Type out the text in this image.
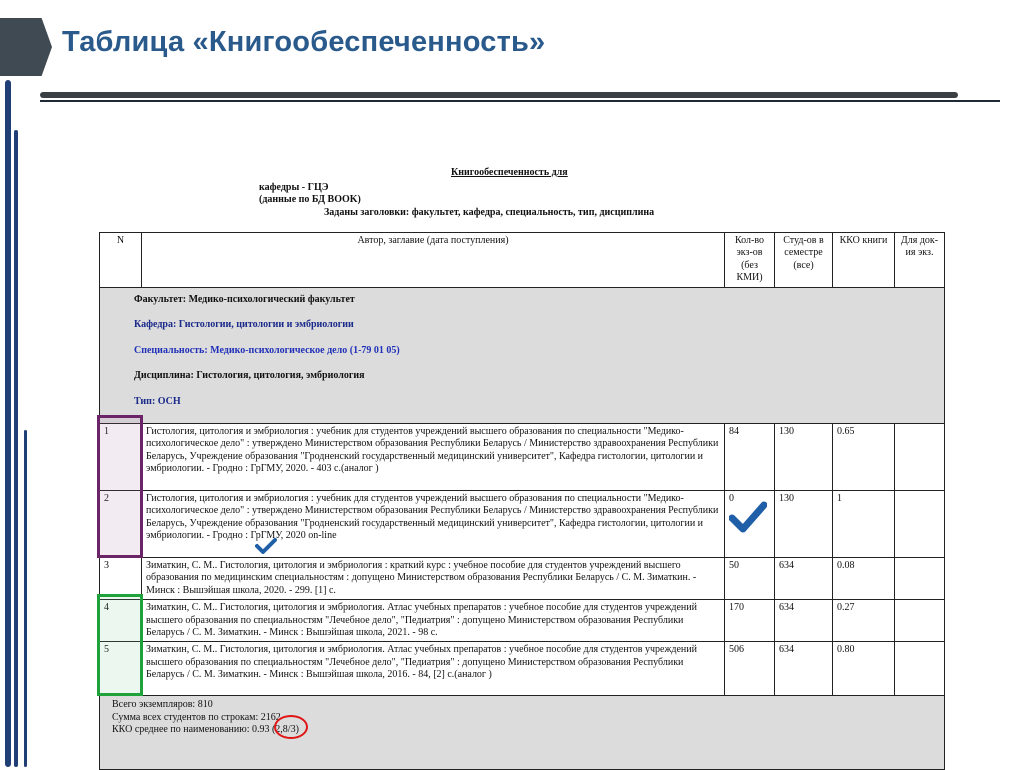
Таблица «Книгообеспеченность»
Книгообеспеченность для
кафедры - ГЦЭ
(данные по БД BOOK)
Заданы заголовки: факультет, кафедра, специальность, тип, дисциплина
N	Автор, заглавие (дата поступления)	Кол-во экз-ов (без КМИ)	Студ-ов в семестре (все)	ККО книги	Для док-ия экз.

Факультет: Медико-психологический факультет
Кафедра: Гистологии, цитологии и эмбриологии
Специальность: Медико-психологическое дело (1-79 01 05)
Дисциплина: Гистология, цитология, эмбриология
Тип: ОСН					

1	Гистология, цитология и эмбриология : учебник для студентов учреждений высшего образования по специальности "Медико-психологическое дело" : утверждено Министерством образования Республики Беларусь / Министерство здравоохранения Республики Беларусь, Учреждение образования "Гродненский государственный медицинский университет", Кафедра гистологии, цитологии и эмбриологии. - Гродно : ГрГМУ, 2020. - 403 с.(аналог )	84	130	0.65	
2	Гистология, цитология и эмбриология : учебник для студентов учреждений высшего образования по специальности "Медико-психологическое дело" : утверждено Министерством образования Республики Беларусь / Министерство здравоохранения Республики Беларусь, Учреждение образования "Гродненский государственный медицинский университет", Кафедра гистологии, цитологии и эмбриологии. - Гродно : ГрГМУ, 2020 on-line	0	130	1	
3	Зиматкин, С. М.. Гистология, цитология и эмбриология : краткий курс : учебное пособие для студентов учреждений высшего образования по медицинским специальностям : допущено Министерством образования Республики Беларусь / С. М. Зиматкин. - Минск : Вышэйшая школа, 2020. - 299. [1] с.	50	634	0.08	
4	Зиматкин, С. М.. Гистология, цитология и эмбриология. Атлас учебных препаратов : учебное пособие для студентов учреждений высшего образования по специальностям "Лечебное дело", "Педиатрия" : допущено Министерством образования Республики Беларусь / С. М. Зиматкин. - Минск : Вышэйшая школа, 2021. - 98 с.	170	634	0.27	
5	Зиматкин, С. М.. Гистология, цитология и эмбриология. Атлас учебных препаратов : учебное пособие для студентов учреждений высшего образования по специальностям "Лечебное дело", "Педиатрия" : допущено Министерством образования Республики Беларусь / С. М. Зиматкин. - Минск : Вышэйшая школа, 2016. - 84, [2] с.(аналог )	506	634	0.80	

Всего экземпляров: 810
Сумма всех студентов по строкам: 2162
ККО среднее по наименованию: 0.93 (2,8/3)					
